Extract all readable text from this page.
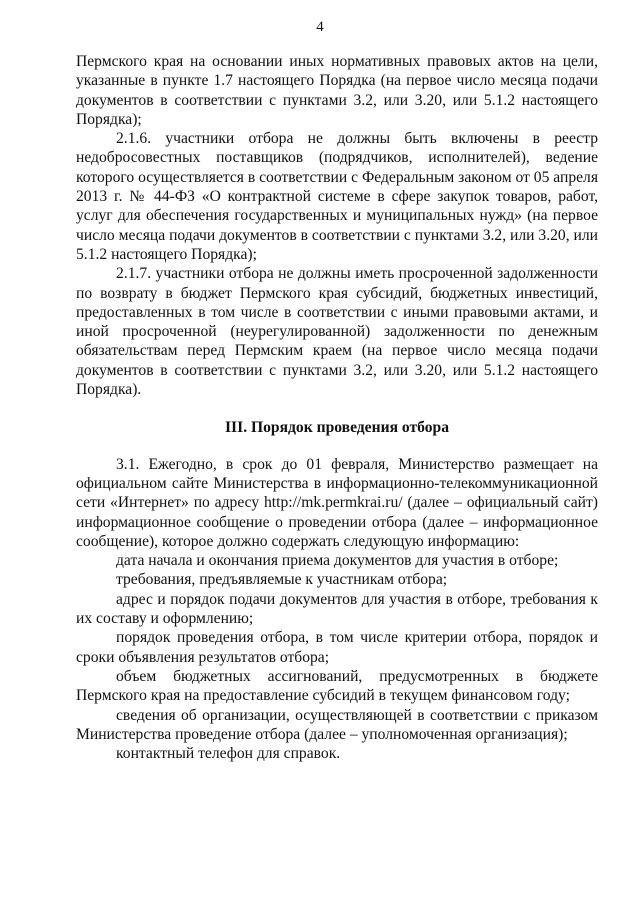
4

Пермского края на основании иных нормативных правовых актов на цели, указанные в пункте 1.7 настоящего Порядка (на первое число месяца подачи документов в соответствии с пунктами 3.2, или 3.20, или 5.1.2 настоящего Порядка);

2.1.6. участники отбора не должны быть включены в реестр недобросовестных поставщиков (подрядчиков, исполнителей), ведение которого осуществляется в соответствии с Федеральным законом от 05 апреля 2013 г. № 44-ФЗ «О контрактной системе в сфере закупок товаров, работ, услуг для обеспечения государственных и муниципальных нужд» (на первое число месяца подачи документов в соответствии с пунктами 3.2, или 3.20, или 5.1.2 настоящего Порядка);

2.1.7. участники отбора не должны иметь просроченной задолженности по возврату в бюджет Пермского края субсидий, бюджетных инвестиций, предоставленных в том числе в соответствии с иными правовыми актами, и иной просроченной (неурегулированной) задолженности по денежным обязательствам перед Пермским краем (на первое число месяца подачи документов в соответствии с пунктами 3.2, или 3.20, или 5.1.2 настоящего Порядка).

III. Порядок проведения отбора

3.1. Ежегодно, в срок до 01 февраля, Министерство размещает на официальном сайте Министерства в информационно-телекоммуникационной сети «Интернет» по адресу http://mk.permkrai.ru/ (далее – официальный сайт) информационное сообщение о проведении отбора (далее – информационное сообщение), которое должно содержать следующую информацию:

дата начала и окончания приема документов для участия в отборе;

требования, предъявляемые к участникам отбора;

адрес и порядок подачи документов для участия в отборе, требования к их составу и оформлению;

порядок проведения отбора, в том числе критерии отбора, порядок и сроки объявления результатов отбора;

объем бюджетных ассигнований, предусмотренных в бюджете Пермского края на предоставление субсидий в текущем финансовом году;

сведения об организации, осуществляющей в соответствии с приказом Министерства проведение отбора (далее – уполномоченная организация);

контактный телефон для справок.
